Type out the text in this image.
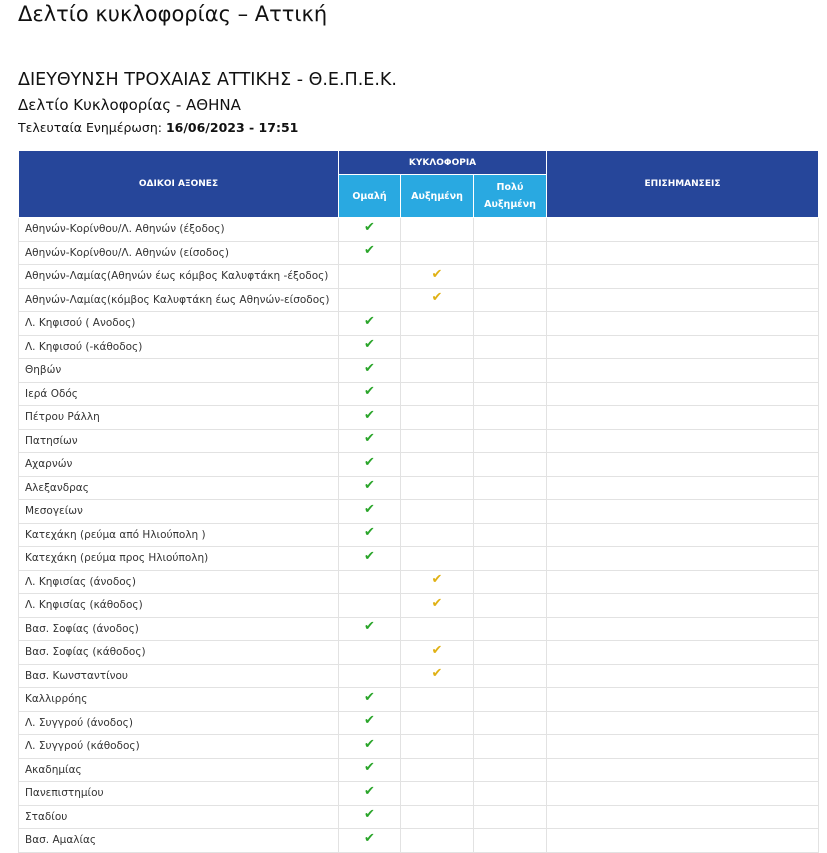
Δελτίο κυκλοφορίας – Αττική
ΔΙΕΥΘΥΝΣΗ ΤΡΟΧΑΙΑΣ ΑΤΤΙΚΗΣ - Θ.Ε.Π.Ε.Κ.
Δελτίο Κυκλοφορίας - ΑΘΗΝΑ
Τελευταία Ενημέρωση: 16/06/2023 - 17:51
ΟΔΙΚΟΙ ΑΞΟΝΕΣ	ΚΥΚΛΟΦΟΡΙΑ			ΕΠΙΣΗΜΑΝΣΕΙΣ
	Ομαλή	Αυξημένη	Πολύ Αυξημένη	
Αθηνών-Κορίνθου/Λ. Αθηνών (έξοδος)	✔			
Αθηνών-Κορίνθου/Λ. Αθηνών (είσοδος)	✔			
Αθηνών-Λαμίας(Αθηνών έως κόμβος Καλυφτάκη -έξοδος)		✔		
Αθηνών-Λαμίας(κόμβος Καλυφτάκη έως Αθηνών-είσοδος)		✔		
Λ. Κηφισού ( Ανοδος)	✔			
Λ. Κηφισού (-κάθοδος)	✔			
Θηβών	✔			
Ιερά Οδός	✔			
Πέτρου Ράλλη	✔			
Πατησίων	✔			
Αχαρνών	✔			
Αλεξανδρας	✔			
Μεσογείων	✔			
Κατεχάκη (ρεύμα από Ηλιούπολη )	✔			
Κατεχάκη (ρεύμα προς Ηλιούπολη)	✔			
Λ. Κηφισίας (άνοδος)		✔		
Λ. Κηφισίας (κάθοδος)		✔		
Βασ. Σοφίας (άνοδος)	✔			
Βασ. Σοφίας (κάθοδος)		✔		
Βασ. Κωνσταντίνου		✔		
Καλλιρρόης	✔			
Λ. Συγγρού (άνοδος)	✔			
Λ. Συγγρού (κάθοδος)	✔			
Ακαδημίας	✔			
Πανεπιστημίου	✔			
Σταδίου	✔			
Βασ. Αμαλίας	✔			
